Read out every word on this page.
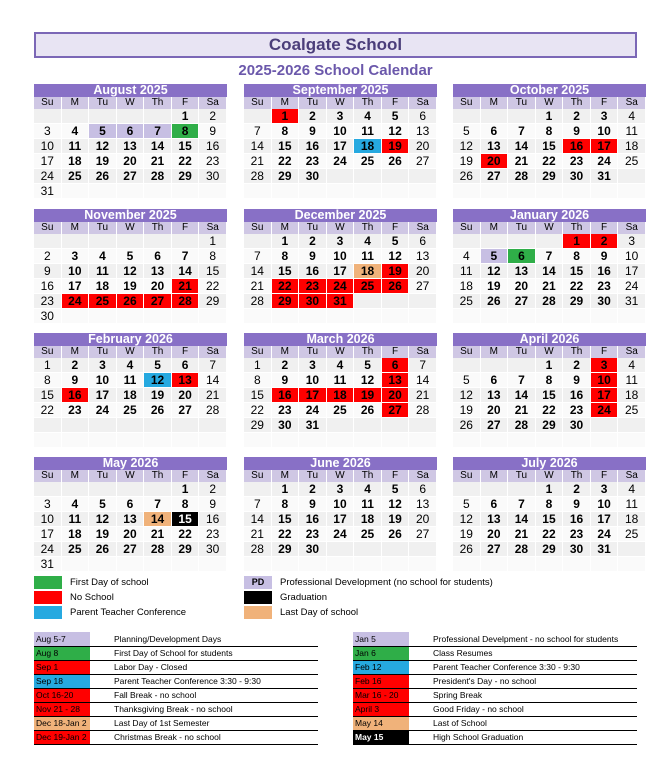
Coalgate School
2025-2026 School Calendar
August 2025
Su	M	Tu	W	Th	F	Sa
					1	2
3	4	5	6	7	8	9
10	11	12	13	14	15	16
17	18	19	20	21	22	23
24	25	26	27	28	29	30
31						
September 2025
Su	M	Tu	W	Th	F	Sa
	1	2	3	4	5	6
7	8	9	10	11	12	13
14	15	16	17	18	19	20
21	22	23	24	25	26	27
28	29	30				

October 2025
Su	M	Tu	W	Th	F	Sa
			1	2	3	4
5	6	7	8	9	10	11
12	13	14	15	16	17	18
19	20	21	22	23	24	25
26	27	28	29	30	31	

November 2025
Su	M	Tu	W	Th	F	Sa
						1
2	3	4	5	6	7	8
9	10	11	12	13	14	15
16	17	18	19	20	21	22
23	24	25	26	27	28	29
30						
December 2025
Su	M	Tu	W	Th	F	Sa
	1	2	3	4	5	6
7	8	9	10	11	12	13
14	15	16	17	18	19	20
21	22	23	24	25	26	27
28	29	30	31			

January 2026
Su	M	Tu	W	Th	F	Sa
				1	2	3
4	5	6	7	8	9	10
11	12	13	14	15	16	17
18	19	20	21	22	23	24
25	26	27	28	29	30	31

February 2026
Su	M	Tu	W	Th	F	Sa
1	2	3	4	5	6	7
8	9	10	11	12	13	14
15	16	17	18	19	20	21
22	23	24	25	26	27	28

March 2026
Su	M	Tu	W	Th	F	Sa
1	2	3	4	5	6	7
8	9	10	11	12	13	14
15	16	17	18	19	20	21
22	23	24	25	26	27	28
29	30	31				

April 2026
Su	M	Tu	W	Th	F	Sa
			1	2	3	4
5	6	7	8	9	10	11
12	13	14	15	16	17	18
19	20	21	22	23	24	25
26	27	28	29	30		

May 2026
Su	M	Tu	W	Th	F	Sa
					1	2
3	4	5	6	7	8	9
10	11	12	13	14	15	16
17	18	19	20	21	22	23
24	25	26	27	28	29	30
31						
June 2026
Su	M	Tu	W	Th	F	Sa
	1	2	3	4	5	6
7	8	9	10	11	12	13
14	15	16	17	18	19	20
21	22	23	24	25	26	27
28	29	30				

July 2026
Su	M	Tu	W	Th	F	Sa
			1	2	3	4
5	6	7	8	9	10	11
12	13	14	15	16	17	18
19	20	21	22	23	24	25
26	27	28	29	30	31	

First Day of school
No School
Parent Teacher Conference
PD Professional Development (no school for students)
Graduation
Last Day of school
Aug 5-7		Planning/Development Days
Aug 8		First Day of School for students
Sep 1		Labor Day - Closed
Sep 18		Parent Teacher Conference 3:30 - 9:30
Oct 16-20		Fall Break - no school
Nov 21 - 28		Thanksgiving Break - no school
Dec 18-Jan 2		Last Day of 1st Semester
Dec 19-Jan 2		Christmas Break - no school
Jan 5		Professional Develpment - no school for students
Jan 6		Class Resumes
Feb 12		Parent Teacher Conference 3:30 - 9:30
Feb 16		President's Day - no school
Mar 16 - 20		Spring Break
April 3		Good Friday - no school
May 14		Last of School
May 15		High School Graduation
